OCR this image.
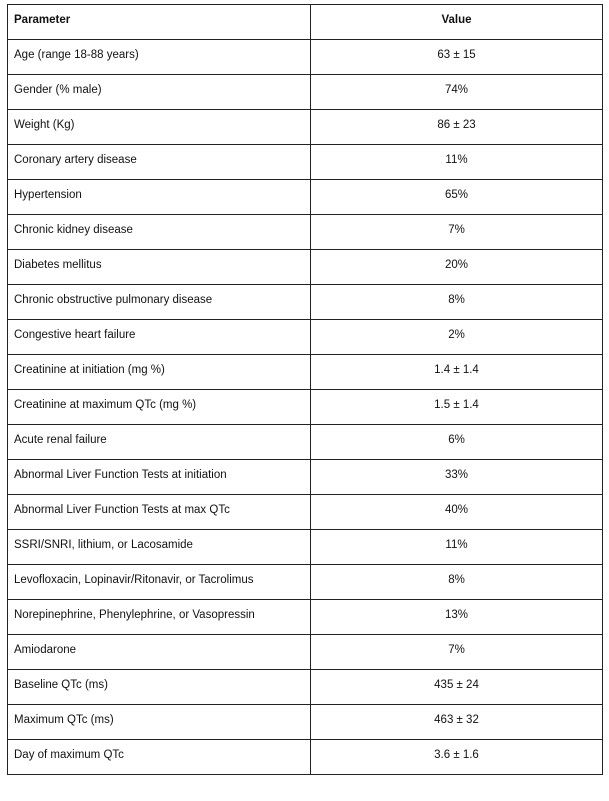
Parameter	Value
Age (range 18-88 years)	63 ± 15
Gender (% male)	74%
Weight (Kg)	86 ± 23
Coronary artery disease	11%
Hypertension	65%
Chronic kidney disease	7%
Diabetes mellitus	20%
Chronic obstructive pulmonary disease	8%
Congestive heart failure	2%
Creatinine at initiation (mg %)	1.4 ± 1.4
Creatinine at maximum QTc (mg %)	1.5 ± 1.4
Acute renal failure	6%
Abnormal Liver Function Tests at initiation	33%
Abnormal Liver Function Tests at max QTc	40%
SSRI/SNRI, lithium, or Lacosamide	11%
Levofloxacin, Lopinavir/Ritonavir, or Tacrolimus	8%
Norepinephrine, Phenylephrine, or Vasopressin	13%
Amiodarone	7%
Baseline QTc (ms)	435 ± 24
Maximum QTc (ms)	463 ± 32
Day of maximum QTc	3.6 ± 1.6
